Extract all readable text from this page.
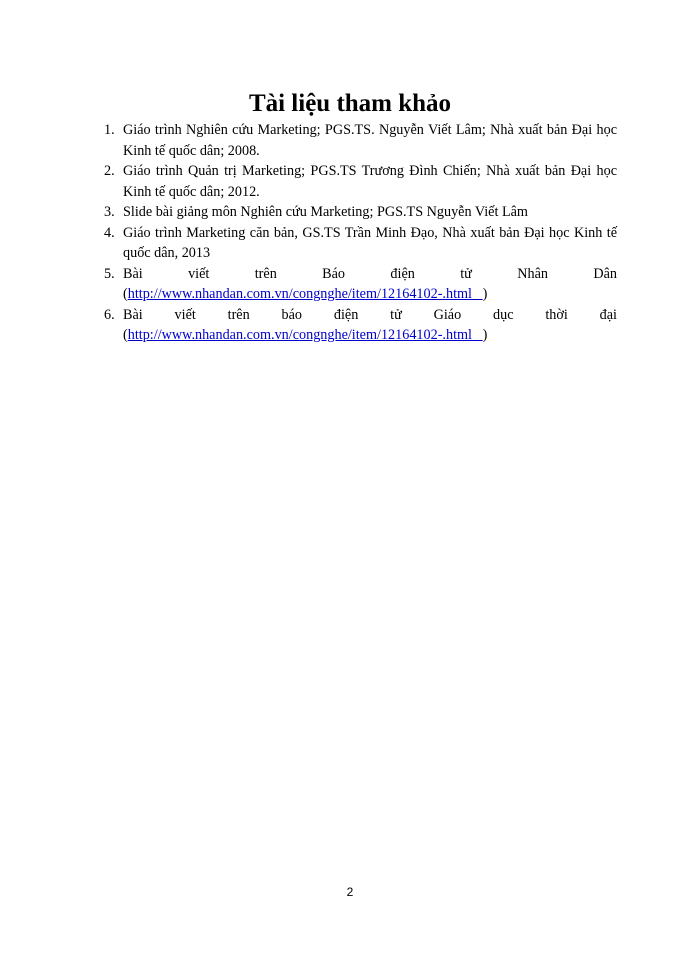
Tài liệu tham khảo
1. Giáo trình Nghiên cứu Marketing; PGS.TS. Nguyễn Viết Lâm; Nhà xuất bản Đại học Kinh tế quốc dân; 2008.
2. Giáo trình Quản trị Marketing; PGS.TS Trương Đình Chiến; Nhà xuất bản Đại học Kinh tế quốc dân; 2012.
3. Slide bài giảng môn Nghiên cứu Marketing; PGS.TS Nguyễn Viết Lâm
4. Giáo trình Marketing căn bản, GS.TS Trần Minh Đạo, Nhà xuất bản Đại học Kinh tế quốc dân, 2013
5. Bài	viết	trên	Báo	điện	tử	Nhân	Dân
(http://www.nhandan.com.vn/congnghe/item/12164102-.html )
6. Bài viết trên báo điện tử Giáo dục thời đại
(http://www.nhandan.com.vn/congnghe/item/12164102-.html )
2
